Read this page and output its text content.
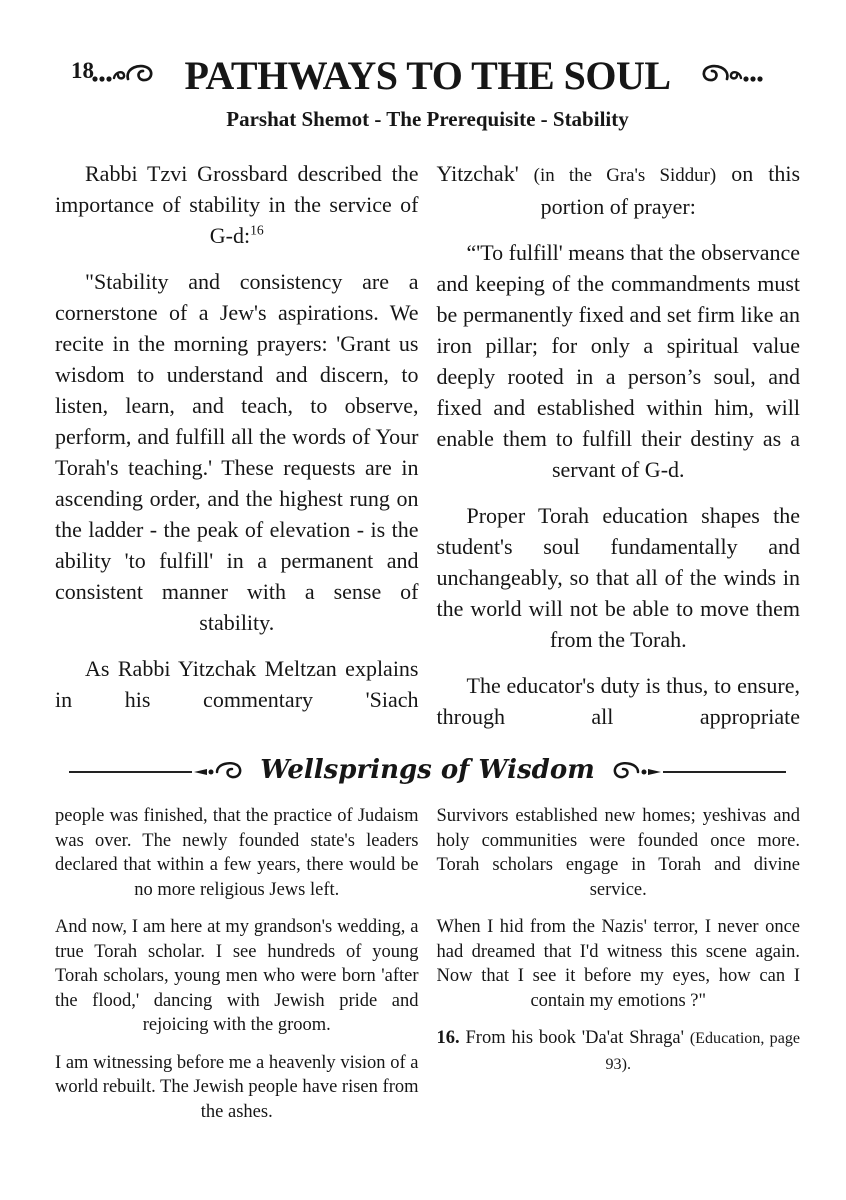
18 PATHWAYS TO THE SOUL
Parshat Shemot - The Prerequisite - Stability

Rabbi Tzvi Grossbard described the importance of stability in the service of G-d:$^{16}$

"Stability and consistency are a cornerstone of a Jew's aspirations. We recite in the morning prayers: 'Grant us wisdom to understand and discern, to listen, learn, and teach, to observe, perform, and fulfill all the words of Your Torah's teaching.' These requests are in ascending order, and the highest rung on the ladder - the peak of elevation - is the ability 'to fulfill' in a permanent and consistent manner with a sense of stability.

As Rabbi Yitzchak Meltzan explains in his commentary 'Siach

Yitzchak' (in the Gra's Siddur) on this portion of prayer:

“'To fulfill' means that the observance and keeping of the commandments must be permanently fixed and set firm like an iron pillar; for only a spiritual value deeply rooted in a person’s soul, and fixed and established within him, will enable them to fulfill their destiny as a servant of G-d.

Proper Torah education shapes the student's soul fundamentally and unchangeably, so that all of the winds in the world will not be able to move them from the Torah.

The educator's duty is thus, to ensure, through all appropriate

Wellsprings of Wisdom

people was finished, that the practice of Judaism was over. The newly founded state's leaders declared that within a few years, there would be no more religious Jews left.

And now, I am here at my grandson's wedding, a true Torah scholar. I see hundreds of young Torah scholars, young men who were born 'after the flood,' dancing with Jewish pride and rejoicing with the groom.

I am witnessing before me a heavenly vision of a world rebuilt. The Jewish people have risen from the ashes.

Survivors established new homes; yeshivas and holy communities were founded once more. Torah scholars engage in Torah and divine service.

When I hid from the Nazis' terror, I never once had dreamed that I'd witness this scene again. Now that I see it before my eyes, how can I contain my emotions ?"

16. From his book 'Da'at Shraga' (Education, page 93).
